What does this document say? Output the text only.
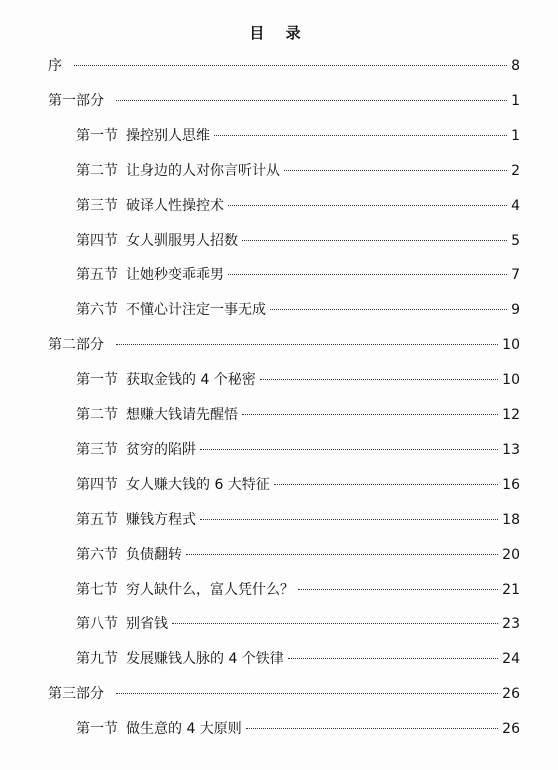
目 录
序	8
第一部分	1
第一节 操控别人思维	1
第二节 让身边的人对你言听计从	2
第三节 破译人性操控术	4
第四节 女人驯服男人招数	5
第五节 让她秒变乖乖男	7
第六节 不懂心计注定一事无成	9
第二部分	10
第一节 获取金钱的 4 个秘密	10
第二节 想赚大钱请先醒悟	12
第三节 贫穷的陷阱	13
第四节 女人赚大钱的 6 大特征	16
第五节 赚钱方程式	18
第六节 负债翻转	20
第七节 穷人缺什么，富人凭什么？	21
第八节 别省钱	23
第九节 发展赚钱人脉的 4 个铁律	24
第三部分	26
第一节 做生意的 4 大原则	26
